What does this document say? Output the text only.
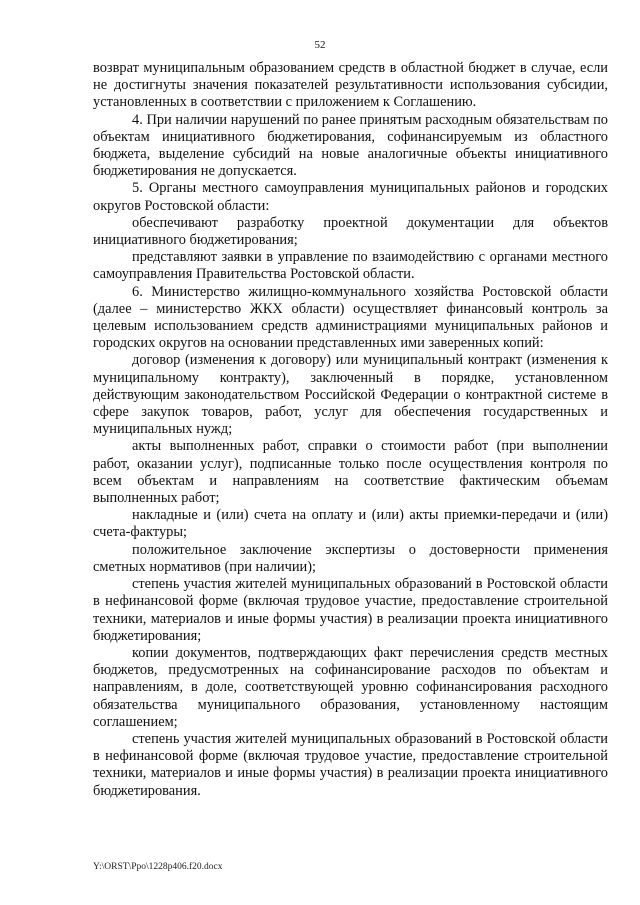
52

возврат муниципальным образованием средств в областной бюджет в случае, если не достигнуты значения показателей результативности использования субсидии, установленных в соответствии с приложением к Соглашению.

4. При наличии нарушений по ранее принятым расходным обязательствам по объектам инициативного бюджетирования, софинансируемым из областного бюджета, выделение субсидий на новые аналогичные объекты инициативного бюджетирования не допускается.

5. Органы местного самоуправления муниципальных районов и городских округов Ростовской области:

обеспечивают разработку проектной документации для объектов инициативного бюджетирования;

представляют заявки в управление по взаимодействию с органами местного самоуправления Правительства Ростовской области.

6. Министерство жилищно-коммунального хозяйства Ростовской области (далее – министерство ЖКХ области) осуществляет финансовый контроль за целевым использованием средств администрациями муниципальных районов и городских округов на основании представленных ими заверенных копий:

договор (изменения к договору) или муниципальный контракт (изменения к муниципальному контракту), заключенный в порядке, установленном действующим законодательством Российской Федерации о контрактной системе в сфере закупок товаров, работ, услуг для обеспечения государственных и муниципальных нужд;

акты выполненных работ, справки о стоимости работ (при выполнении работ, оказании услуг), подписанные только после осуществления контроля по всем объектам и направлениям на соответствие фактическим объемам выполненных работ;

накладные и (или) счета на оплату и (или) акты приемки-передачи и (или) счета-фактуры;

положительное заключение экспертизы о достоверности применения сметных нормативов (при наличии);

степень участия жителей муниципальных образований в Ростовской области в нефинансовой форме (включая трудовое участие, предоставление строительной техники, материалов и иные формы участия) в реализации проекта инициативного бюджетирования;

копии документов, подтверждающих факт перечисления средств местных бюджетов, предусмотренных на софинансирование расходов по объектам и направлениям, в доле, соответствующей уровню софинансирования расходного обязательства муниципального образования, установленному настоящим соглашением;

степень участия жителей муниципальных образований в Ростовской области в нефинансовой форме (включая трудовое участие, предоставление строительной техники, материалов и иные формы участия) в реализации проекта инициативного бюджетирования.

Y:\ORST\Ppo\1228p406.f20.docx
